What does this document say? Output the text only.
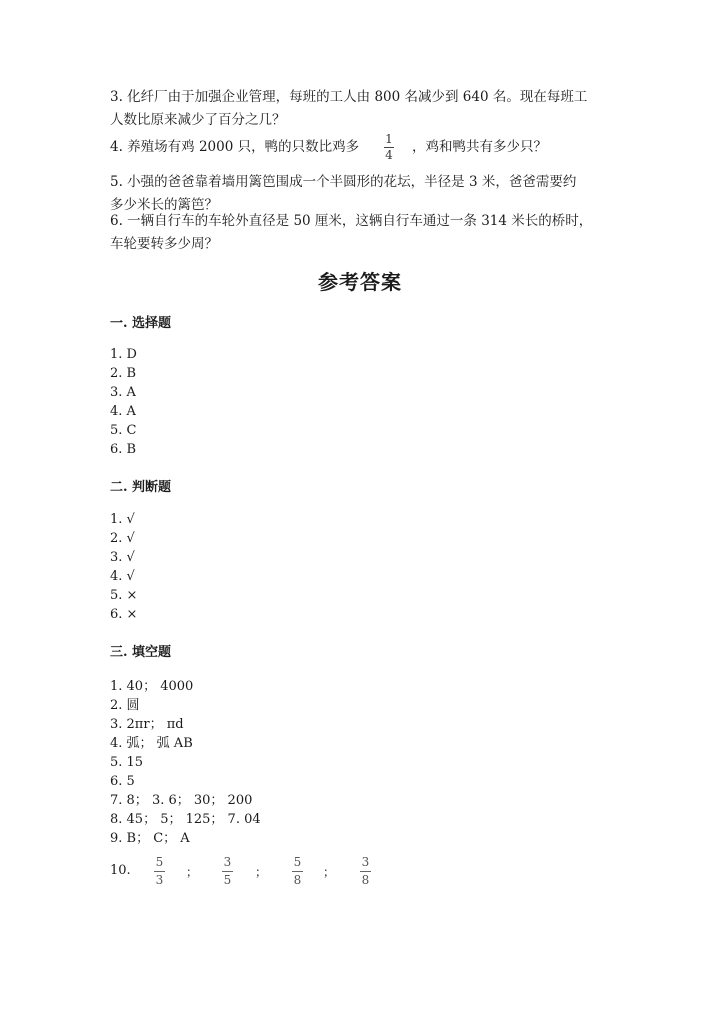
3. 化纤厂由于加强企业管理，每班的工人由 800 名减少到 640 名。现在每班工
人数比原来减少了百分之几？
4. 养殖场有鸡 2000 只，鸭的只数比鸡多	1
4 ，鸡和鸭共有多少只？
5. 小强的爸爸靠着墙用篱笆围成一个半圆形的花坛，半径是 3 米，爸爸需要约
多少米长的篱笆？
6. 一辆自行车的车轮外直径是 50 厘米，这辆自行车通过一条 314 米长的桥时，
车轮要转多少周？
参考答案
一. 选择题
1. D
2. B
3. A
4. A
5. C
6. B
二. 判断题
1. √
2. √
3. √
4. √
5. ×
6. ×
三. 填空题
1. 40； 4000
2. 圆
3. 2πr； πd
4. 弧； 弧 AB
5. 15
6. 5
7. 8； 3. 6； 30； 200
8. 45； 5； 125； 7. 04
9. B； C； A
10.
5
3
；
3
5
；
5
8
；
3
8
